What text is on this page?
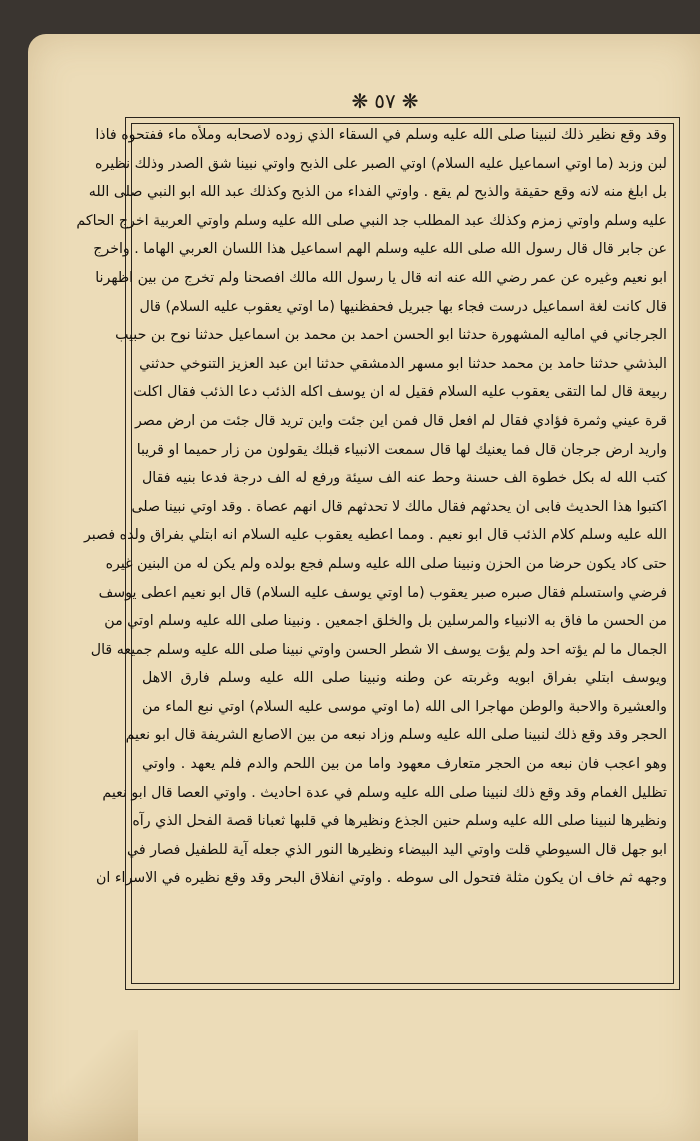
❋
٥٧
❋
وقد وقع نظير ذلك لنبينا صلى الله عليه وسلم في السقاء الذي زوده لاصحابه وملأه ماء ففتحوه فاذا
لبن وزبد (ما اوتي اسماعيل عليه السلام) اوتي الصبر على الذبح واوتي نبينا شق الصدر وذلك نظيره
بل ابلغ منه لانه وقع حقيقة والذبح لم يقع . واوتي الفداء من الذبح وكذلك عبد الله ابو النبي صلى الله
عليه وسلم واوتي زمزم وكذلك عبد المطلب جد النبي صلى الله عليه وسلم واوتي العربية اخرج الحاكم
عن جابر قال قال رسول الله صلى الله عليه وسلم الهم اسماعيل هذا اللسان العربي الهاما . واخرج
ابو نعيم وغيره عن عمر رضي الله عنه انه قال يا رسول الله مالك افصحنا ولم تخرج من بين اظهرنا
قال كانت لغة اسماعيل درست فجاء بها جبريل فحفظنيها (ما اوتي يعقوب عليه السلام) قال
الجرجاني في اماليه المشهورة حدثنا ابو الحسن احمد بن محمد بن اسماعيل حدثنا نوح بن حبيب
البذشي حدثنا حامد بن محمد حدثنا ابو مسهر الدمشقي حدثنا ابن عبد العزيز التنوخي حدثني
ربيعة قال لما التقى يعقوب عليه السلام فقيل له ان يوسف اكله الذئب دعا الذئب فقال اكلت
قرة عيني وثمرة فؤادي فقال لم افعل قال فمن اين جئت واين تريد قال جئت من ارض مصر
واريد ارض جرجان قال فما يعنيك لها قال سمعت الانبياء قبلك يقولون من زار حميما او قريبا
كتب الله له بكل خطوة الف حسنة وحط عنه الف سيئة ورفع له الف درجة فدعا بنيه فقال
اكتبوا هذا الحديث فابى ان يحدثهم فقال مالك لا تحدثهم قال انهم عصاة . وقد اوتي نبينا صلى
الله عليه وسلم كلام الذئب قال ابو نعيم . ومما اعطيه يعقوب عليه السلام انه ابتلي بفراق ولده فصبر
حتى كاد يكون حرضا من الحزن ونبينا صلى الله عليه وسلم فجع بولده ولم يكن له من البنين غيره
فرضي واستسلم فقال صبره صبر يعقوب (ما اوتي يوسف عليه السلام) قال ابو نعيم اعطى يوسف
من الحسن ما فاق به الانبياء والمرسلين بل والخلق اجمعين . ونبينا صلى الله عليه وسلم اوتي من
الجمال ما لم يؤته احد ولم يؤت يوسف الا شطر الحسن واوتي نبينا صلى الله عليه وسلم جميعه قال
ويوسف ابتلي بفراق ابويه وغربته عن وطنه ونبينا صلى الله عليه وسلم فارق الاهل
والعشيرة والاحبة والوطن مهاجرا الى الله (ما اوتي موسى عليه السلام) اوتي نبع الماء من
الحجر وقد وقع ذلك لنبينا صلى الله عليه وسلم وزاد نبعه من بين الاصابع الشريفة قال ابو نعيم
وهو اعجب فان نبعه من الحجر متعارف معهود واما من بين اللحم والدم فلم يعهد . واوتي
تظليل الغمام وقد وقع ذلك لنبينا صلى الله عليه وسلم في عدة احاديث . واوتي العصا قال ابو نعيم
ونظيرها لنبينا صلى الله عليه وسلم حنين الجذع ونظيرها في قلبها ثعبانا قصة الفحل الذي رآه
ابو جهل قال السيوطي قلت واوتي اليد البيضاء ونظيرها النور الذي جعله آية للطفيل فصار في
وجهه ثم خاف ان يكون مثلة فتحول الى سوطه . واوتي انفلاق البحر وقد وقع نظيره في الاسراء ان
